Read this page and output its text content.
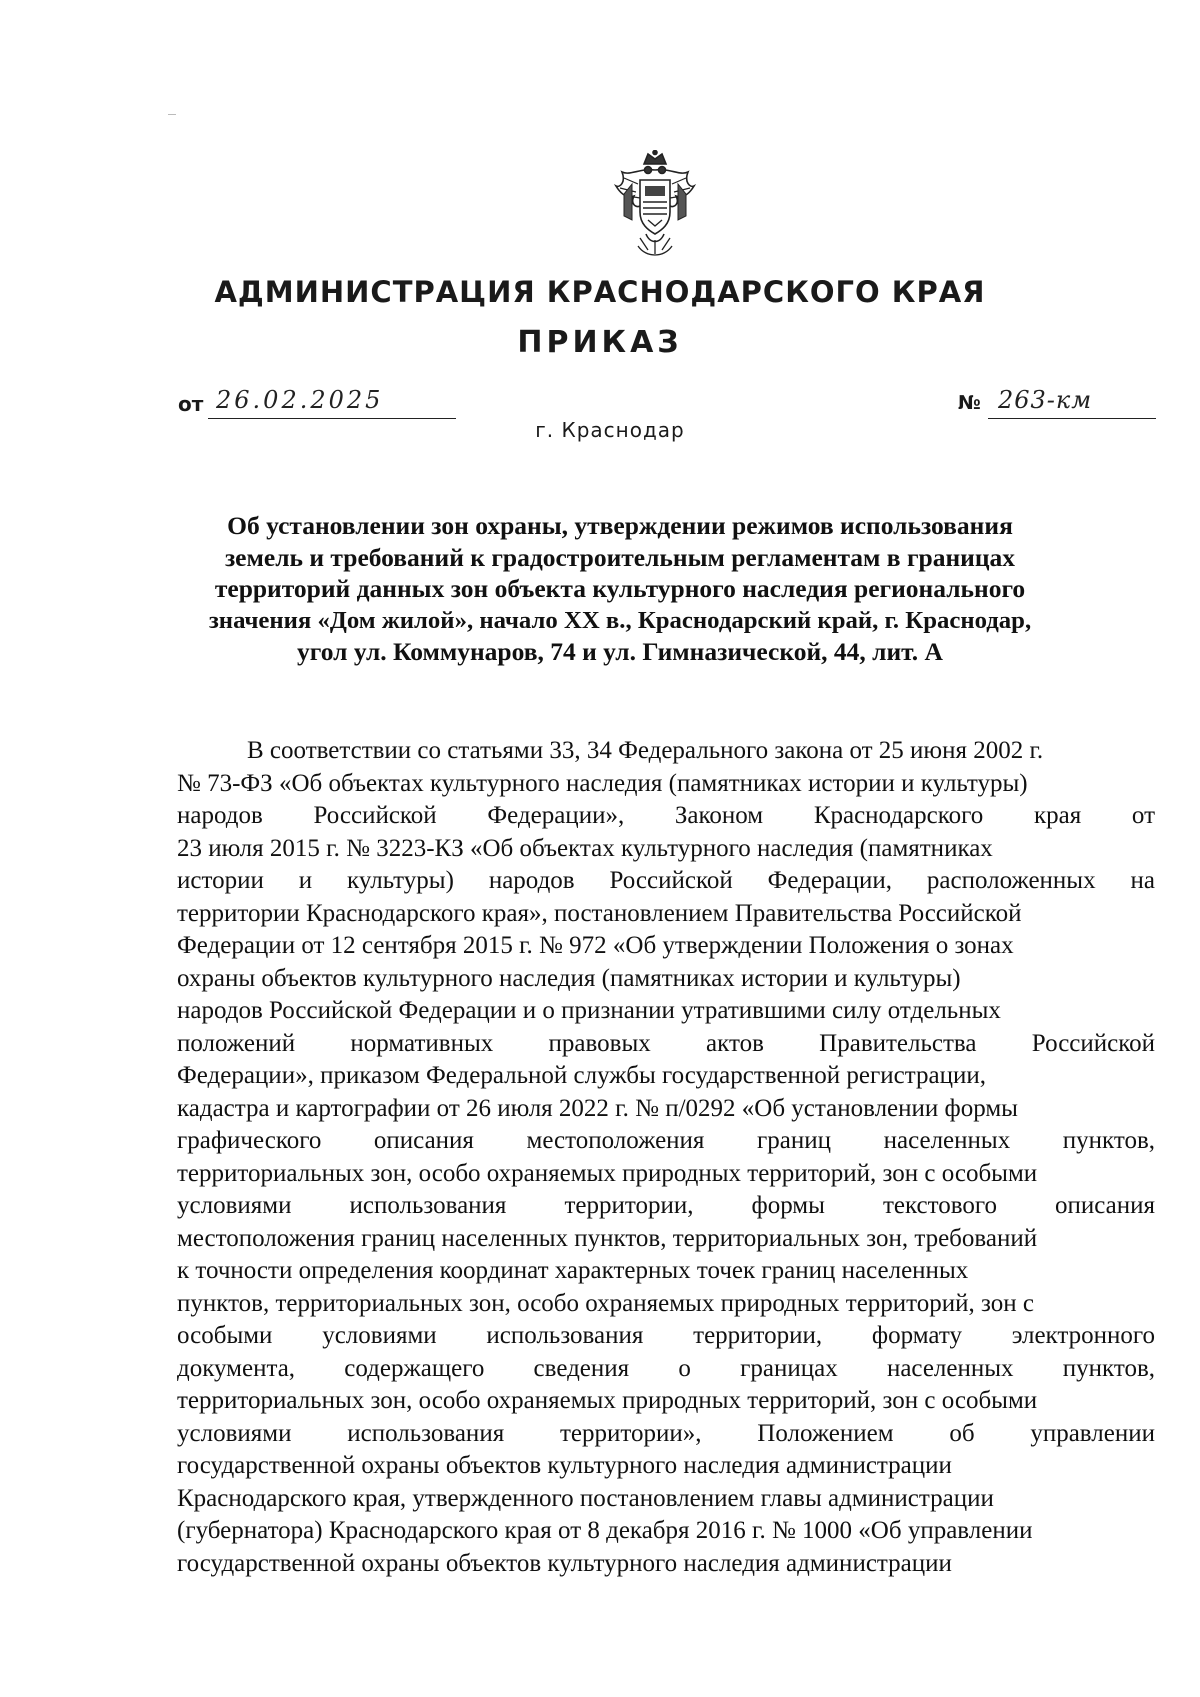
АДМИНИСТРАЦИЯ КРАСНОДАРСКОГО КРАЯ
ПРИКАЗ
от 26.02.2025	№ 263-км
г. Краснодар
Об установлении зон охраны, утверждении режимов использования
земель и требований к градостроительным регламентам в границах
территорий данных зон объекта культурного наследия регионального
значения «Дом жилой», начало XX в., Краснодарский край, г. Краснодар,
угол ул. Коммунаров, 74 и ул. Гимназической, 44, лит. А
В соответствии со статьями 33, 34 Федерального закона от 25 июня 2002 г.
№ 73-ФЗ «Об объектах культурного наследия (памятниках истории и культуры)
народов Российской Федерации», Законом Краснодарского края от
23 июля 2015 г. № 3223-КЗ «Об объектах культурного наследия (памятниках
истории и культуры) народов Российской Федерации, расположенных на
территории Краснодарского края», постановлением Правительства Российской
Федерации от 12 сентября 2015 г. № 972 «Об утверждении Положения о зонах
охраны объектов культурного наследия (памятниках истории и культуры)
народов Российской Федерации и о признании утратившими силу отдельных
положений нормативных правовых актов Правительства Российской
Федерации», приказом Федеральной службы государственной регистрации,
кадастра и картографии от 26 июля 2022 г. № п/0292 «Об установлении формы
графического описания местоположения границ населенных пунктов,
территориальных зон, особо охраняемых природных территорий, зон с особыми
условиями использования территории, формы текстового описания
местоположения границ населенных пунктов, территориальных зон, требований
к точности определения координат характерных точек границ населенных
пунктов, территориальных зон, особо охраняемых природных территорий, зон с
особыми условиями использования территории, формату электронного
документа, содержащего сведения о границах населенных пунктов,
территориальных зон, особо охраняемых природных территорий, зон с особыми
условиями использования территории», Положением об управлении
государственной охраны объектов культурного наследия администрации
Краснодарского края, утвержденного постановлением главы администрации
(губернатора) Краснодарского края от 8 декабря 2016 г. № 1000 «Об управлении
государственной охраны объектов культурного наследия администрации
